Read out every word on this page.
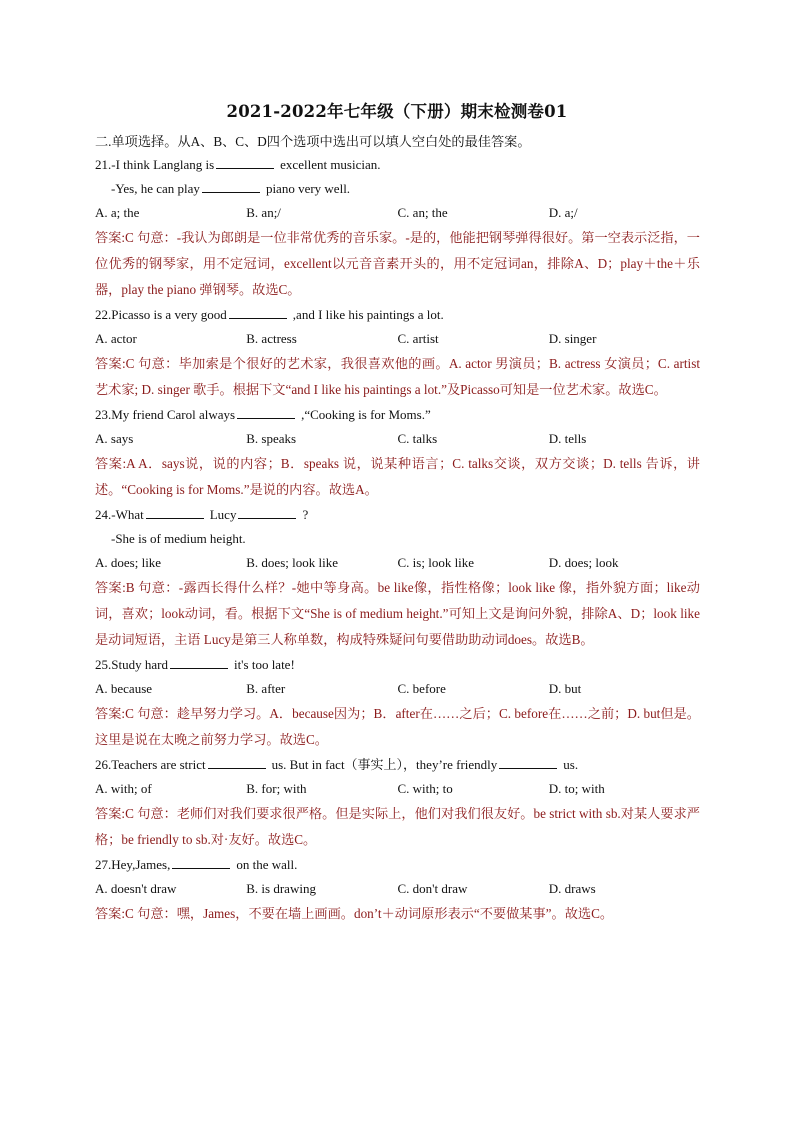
2021-2022年七年级（下册）期末检测卷01
二.单项选择。从A、B、C、D四个选项中选出可以填人空白处的最佳答案。
21.-I think Langlang is	excellent musician.
-Yes, he can play	piano very well.
A. a; the	B. an;/	C. an; the	D. a;/
答案:C 句意：-我认为郎朗是一位非常优秀的音乐家。-是的，他能把钢琴弹得很好。第一空表示泛指，一位优秀的钢琴家，用不定冠词，excellent以元音音素开头的，用不定冠词an，排除A、D；play＋the＋乐器，play the piano 弹钢琴。故选C。
22.Picasso is a very good	,and I like his paintings a lot.
A. actor	B. actress	C. artist	D. singer
答案:C 句意：毕加索是个很好的艺术家，我很喜欢他的画。A. actor 男演员；B. actress 女演员；C. artist 艺术家; D. singer 歌手。根据下文“and I like his paintings a lot.”及Picasso可知是一位艺术家。故选C。
23.My friend Carol always	,“Cooking is for Moms.”
A. says	B. speaks	C. talks	D. tells
答案:A A．says说，说的内容；B．speaks 说，说某种语言；C. talks交谈，双方交谈；D. tells 告诉，讲述。“Cooking is for Moms.”是说的内容。故选A。
24.-What	Lucy	?
-She is of medium height.
A. does; like	B. does; look like	C. is; look like	D. does; look
答案:B 句意：-露西长得什么样？-她中等身高。be like像，指性格像；look like 像，指外貌方面；like动词，喜欢；look动词，看。根据下文“She is of medium height.”可知上文是询问外貌，排除A、D；look like 是动词短语，主语 Lucy是第三人称单数，构成特殊疑问句要借助助动词does。故选B。
25.Study hard	it's too late!
A. because	B. after	C. before	D. but
答案:C 句意：趁早努力学习。A．because因为；B．after在……之后；C. before在……之前；D. but但是。这里是说在太晚之前努力学习。故选C。
26.Teachers are strict	us. But in fact（事实上），they’re friendly	us.
A. with; of	B. for; with	C. with; to	D. to; with
答案:C 句意：老师们对我们要求很严格。但是实际上，他们对我们很友好。be strict with sb.对某人要求严格；be friendly to sb.对·友好。故选C。
27.Hey,James,	on the wall.
A. doesn't draw	B. is drawing	C. don't draw	D. draws
答案:C 句意：嘿，James，不要在墙上画画。don’t＋动词原形表示“不要做某事”。故选C。
